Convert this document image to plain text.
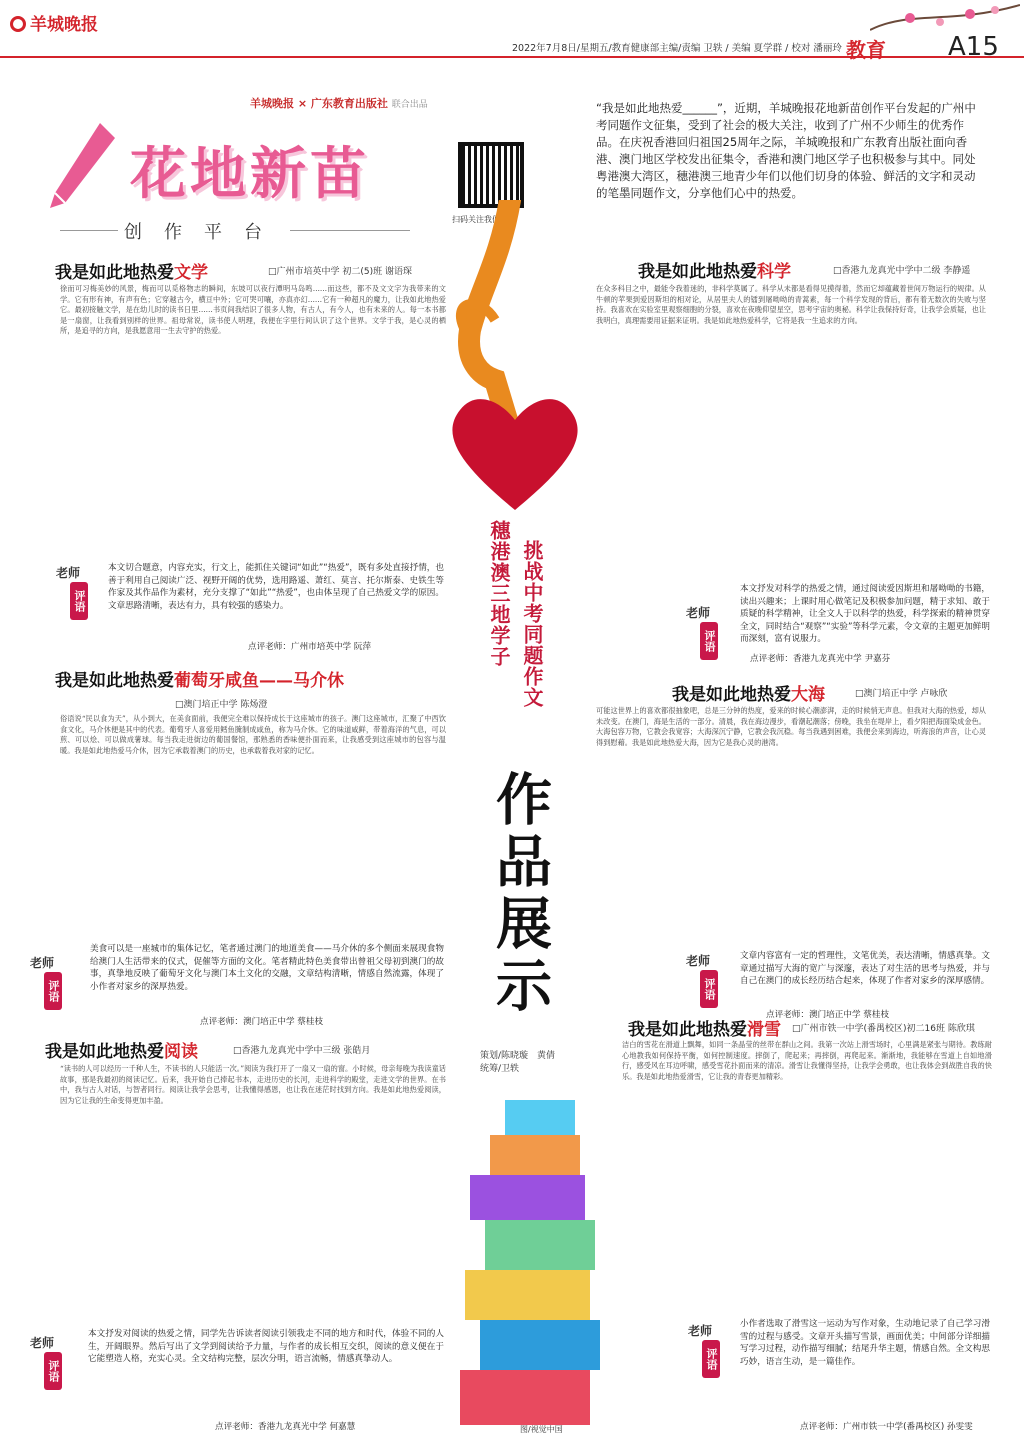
羊城晚报
2022年7月8日/星期五/教育健康部主编/责编 卫轶 / 美编 夏学群 / 校对 潘丽玲 教育 A15
羊城晚报 × 广东教育出版社 联合出品
花地新苗
创作平台
扫码关注我们
“我是如此地热爱______”，近期，羊城晚报花地新苗创作平台发起的广州中考同题作文征集，受到了社会的极大关注，收到了广州不少师生的优秀作品。在庆祝香港回归祖国25周年之际，羊城晚报和广东教育出版社面向香港、澳门地区学校发出征集令，香港和澳门地区学子也积极参与其中。同处粤港澳大湾区，穗港澳三地青少年们以他们切身的体验、鲜活的文字和灵动的笔墨同题作文，分享他们心中的热爱。
挑战中考同题作文
穗港澳三地学子
作品展示
策划/陈晓璇　黄倩
统筹/卫轶
图/视觉中国
我是如此地热爱文学	□广州市培英中学 初二(5)班 谢语琛
徐而可习梅美妙的风景，梅而可以觅格物志的瞬间，东坡可以夜行潭明马岛鸣……而这些，都不及文文字为我带来的文学。它有形有神，有声有色；它穿越古今，横亘中外；它可哭可嚷，亦真亦幻……它有一种超凡的魔力，让我如此地热爱它。最初接触文学，是在幼儿时的读书日里……书页间我结识了很多人物，有古人，有今人，也有未来的人。每一本书都是一扇窗，让我看到别样的世界。祖母常说，读书使人明理，我便在字里行间认识了这个世界。文学于我，是心灵的栖所，是追寻的方向，是我愿意用一生去守护的热爱。
老师
评语
本文切合题意，内容充实，行文上，能抓住关键词“如此”“热爱”，既有多处直接抒情，也善于利用自己阅读广泛、视野开阔的优势，选用路遥、萧红、莫言、托尔斯泰、史铁生等作家及其作品作为素材，充分支撑了“如此”“热爱”，也由体呈现了自己热爱文学的原因。文章思路清晰，表达有力，具有较强的感染力。
点评老师：广州市培英中学 阮萍
我是如此地热爱葡萄牙咸鱼——马介休
□澳门培正中学 陈炀澄
俗语说“民以食为天”，从小到大，在美食面前，我便完全难以保持成长于这座城市的孩子。澳门这座城市，汇聚了中西饮食文化，马介休便是其中的代表。葡萄牙人喜爱用鳕鱼腌制成咸鱼，称为马介休。它的味道咸鲜，带着海洋的气息，可以煎、可以烩、可以做成薯球。每当我走进街边的葡国餐馆，那熟悉的香味便扑面而来，让我感受到这座城市的包容与温暖。我是如此地热爱马介休，因为它承载着澳门的历史，也承载着我对家的记忆。
老师
评语
美食可以是一座城市的集体记忆，笔者通过澳门的地道美食——马介休的多个侧面来展现食物给澳门人生活带来的仪式，促催等方面的文化。笔者精此特色美食带出曾祖父母初到澳门的故事，真挚地反映了葡萄牙文化与澳门本土文化的交融，文章结构清晰，情感自然流露，体现了小作者对家乡的深厚热爱。
点评老师：澳门培正中学 蔡桂枝
我是如此地热爱阅读	□香港九龙真光中学中三级 张皓月
“读书的人可以经历一千种人生，不读书的人只能活一次。”阅读为我打开了一扇又一扇的窗。小时候，母亲每晚为我读童话故事，那是我最初的阅读记忆。后来，我开始自己捧起书本，走进历史的长河，走进科学的殿堂，走进文学的世界。在书中，我与古人对话，与智者同行。阅读让我学会思考，让我懂得感恩，也让我在迷茫时找到方向。我是如此地热爱阅读，因为它让我的生命变得更加丰盈。
老师
评语
本文抒发对阅读的热爱之情，同学先告诉读者阅读引领我走不同的地方和时代，体验不同的人生，开阔眼界。然后写出了文学到阅读给予力量，与作者的成长相互交织，阅读的意义便在于它能塑造人格，充实心灵。全文结构完整，层次分明，语言流畅，情感真挚动人。
点评老师：香港九龙真光中学 何嘉慧
我是如此地热爱科学	□香港九龙真光中学中二级 李静遥
在众多科目之中，最能令我着迷的，非科学莫属了。科学从未都是看得见摸得着，然而它却蕴藏着世间万物运行的规律。从牛顿的苹果到爱因斯坦的相对论，从居里夫人的镭到屠呦呦的青蒿素，每一个科学发现的背后，都有着无数次的失败与坚持。我喜欢在实验室里观察细胞的分裂，喜欢在夜晚仰望星空，思考宇宙的奥秘。科学让我保持好奇，让我学会质疑，也让我明白，真理需要用证据来证明。我是如此地热爱科学，它将是我一生追求的方向。
老师
评语
本文抒发对科学的热爱之情，通过阅读爱因斯坦和屠呦呦的书籍，读出兴趣来；上课时用心做笔记及积极参加问题，精于求知、敢于质疑的科学精神，让全文人于以科学的热爱，科学探索的精神贯穿全文，同时结合“观察”“实验”等科学元素，令文章的主题更加鲜明而深刻，富有说服力。
点评老师：香港九龙真光中学 尹嘉芬
我是如此地热爱大海	□澳门培正中学 卢咏欣
可能这世界上的喜欢都很抽象吧，总是三分钟的热度，爱来的时候心潮澎湃，走的时候悄无声息。但我对大海的热爱，却从未改变。在澳门，海是生活的一部分。清晨，我在海边漫步，看潮起潮落；傍晚，我坐在堤岸上，看夕阳把海面染成金色。大海包容万物，它教会我宽容；大海深沉宁静，它教会我沉稳。每当我遇到困难，我便会来到海边，听海浪的声音，让心灵得到慰藉。我是如此地热爱大海，因为它是我心灵的港湾。
老师
评语
文章内容富有一定的哲理性，文笔优美，表达清晰，情感真挚。文章通过描写大海的宽广与深邃，表达了对生活的思考与热爱，并与自己在澳门的成长经历结合起来，体现了作者对家乡的深厚感情。
点评老师：澳门培正中学 蔡桂枝
我是如此地热爱滑雪 □广州市铁一中学(番禺校区)初二16班 陈欣琪
洁白的雪花在滑道上飘舞，如同一条晶莹的丝带在群山之间。我第一次站上滑雪场时，心里满是紧张与期待。教练耐心地教我如何保持平衡，如何控制速度。摔倒了，爬起来；再摔倒，再爬起来。渐渐地，我能够在雪道上自如地滑行，感受风在耳边呼啸，感受雪花扑面而来的清凉。滑雪让我懂得坚持，让我学会勇敢，也让我体会到战胜自我的快乐。我是如此地热爱滑雪，它让我的青春更加精彩。
老师
评语
小作者选取了滑雪这一运动为写作对象，生动地记录了自己学习滑雪的过程与感受。文章开头描写雪景，画面优美；中间部分详细描写学习过程，动作描写细腻；结尾升华主题，情感自然。全文构思巧妙，语言生动，是一篇佳作。
点评老师：广州市铁一中学(番禺校区) 孙雯雯
